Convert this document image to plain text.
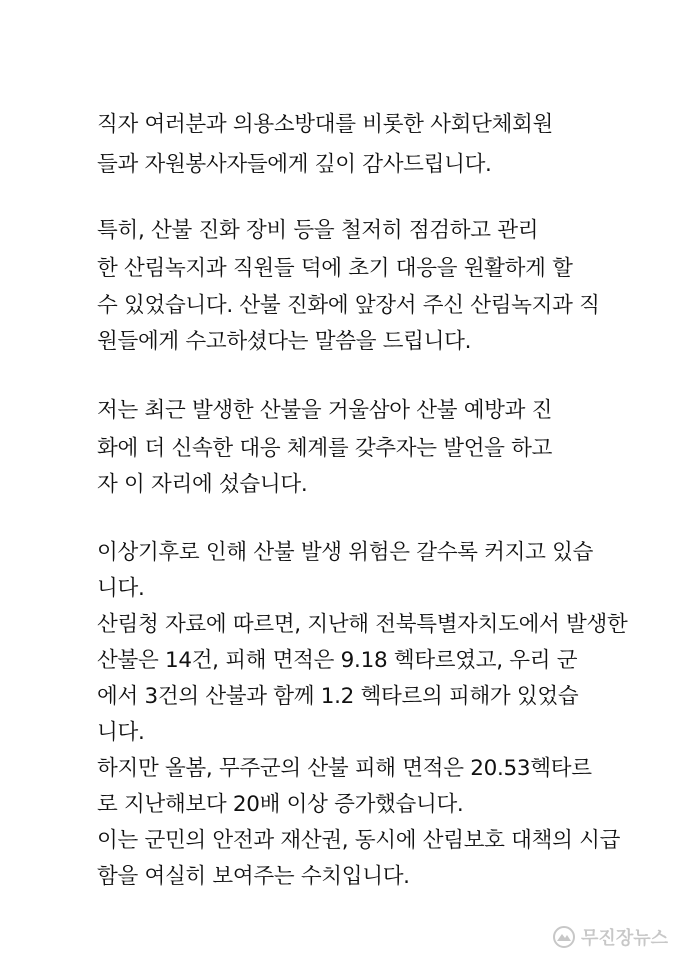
직자 여러분과 의용소방대를 비롯한 사회단체회원
들과 자원봉사자들에게 깊이 감사드립니다.
특히, 산불 진화 장비 등을 철저히 점검하고 관리
한 산림녹지과 직원들 덕에 초기 대응을 원활하게 할
수 있었습니다. 산불 진화에 앞장서 주신 산림녹지과 직
원들에게 수고하셨다는 말씀을 드립니다.
저는 최근 발생한 산불을 거울삼아 산불 예방과 진
화에 더 신속한 대응 체계를 갖추자는 발언을 하고
자 이 자리에 섰습니다.
이상기후로 인해 산불 발생 위험은 갈수록 커지고 있습
니다.
산림청 자료에 따르면, 지난해 전북특별자치도에서 발생한
산불은 14건, 피해 면적은 9.18 헥타르였고, 우리 군
에서 3건의 산불과 함께 1.2 헥타르의 피해가 있었습
니다.
하지만 올봄, 무주군의 산불 피해 면적은 20.53헥타르
로 지난해보다 20배 이상 증가했습니다.
이는 군민의 안전과 재산권, 동시에 산림보호 대책의 시급
함을 여실히 보여주는 수치입니다.
무진장뉴스
